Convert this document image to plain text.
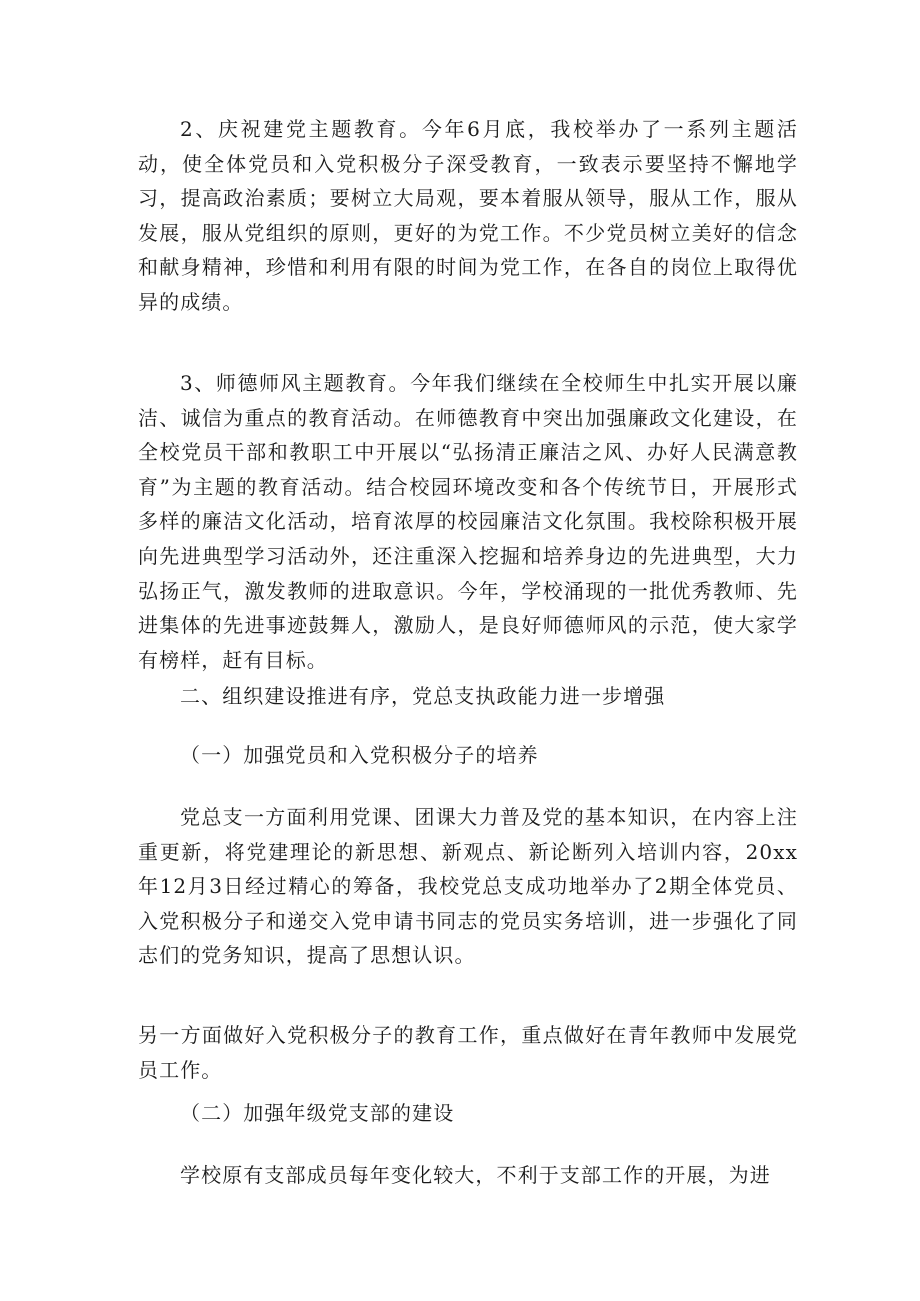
2、庆祝建党主题教育。今年6月底，我校举办了一系列主题活动，使全体党员和入党积极分子深受教育，一致表示要坚持不懈地学习，提高政治素质；要树立大局观，要本着服从领导，服从工作，服从发展，服从党组织的原则，更好的为党工作。不少党员树立美好的信念和献身精神，珍惜和利用有限的时间为党工作，在各自的岗位上取得优异的成绩。

3、师德师风主题教育。今年我们继续在全校师生中扎实开展以廉洁、诚信为重点的教育活动。在师德教育中突出加强廉政文化建设，在全校党员干部和教职工中开展以“弘扬清正廉洁之风、办好人民满意教育”为主题的教育活动。结合校园环境改变和各个传统节日，开展形式多样的廉洁文化活动，培育浓厚的校园廉洁文化氛围。我校除积极开展向先进典型学习活动外，还注重深入挖掘和培养身边的先进典型，大力弘扬正气，激发教师的进取意识。今年，学校涌现的一批优秀教师、先进集体的先进事迹鼓舞人，激励人，是良好师德师风的示范，使大家学有榜样，赶有目标。

二、组织建设推进有序，党总支执政能力进一步增强

（一）加强党员和入党积极分子的培养

党总支一方面利用党课、团课大力普及党的基本知识，在内容上注重更新，将党建理论的新思想、新观点、新论断列入培训内容，20xx年12月3日经过精心的筹备，我校党总支成功地举办了2期全体党员、入党积极分子和递交入党申请书同志的党员实务培训，进一步强化了同志们的党务知识，提高了思想认识。

另一方面做好入党积极分子的教育工作，重点做好在青年教师中发展党员工作。

（二）加强年级党支部的建设

学校原有支部成员每年变化较大，不利于支部工作的开展，为进
